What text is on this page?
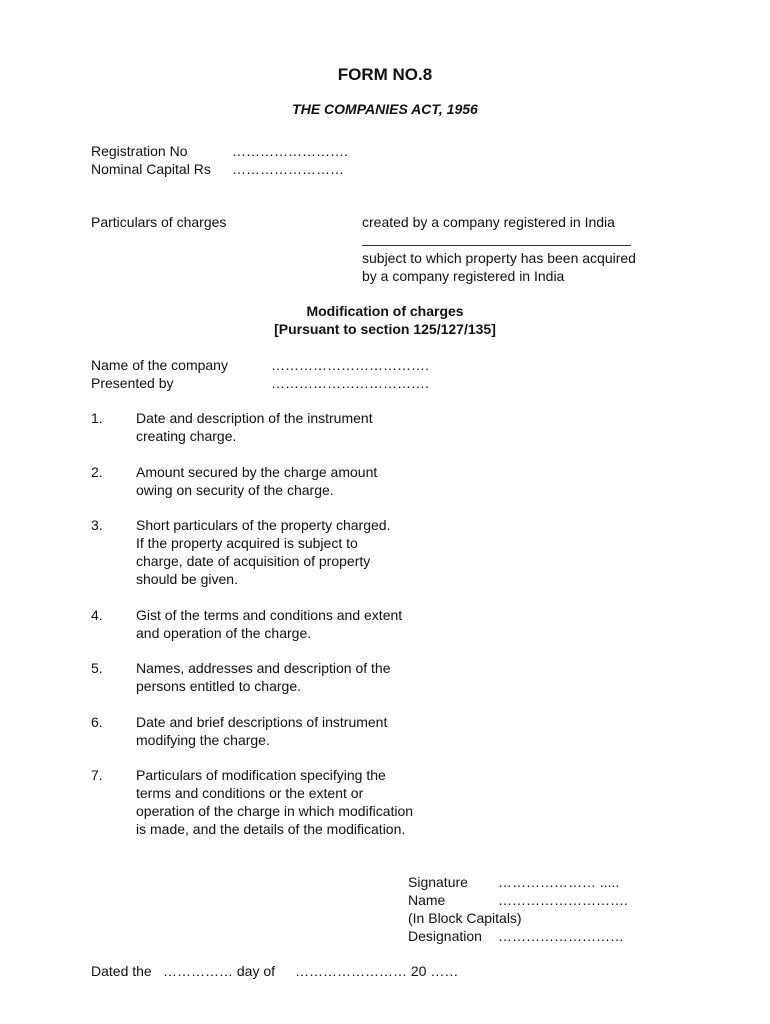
FORM NO.8
THE COMPANIES ACT, 1956
Registration No	…………………….
Nominal Capital Rs ……………………
Particulars of charges	created by a company registered in India
subject to which property has been acquired
by a company registered in India
Modification of charges
[Pursuant to section 125/127/135]
Name of the company	…………………………….
Presented by	…………………………….
1. Date and description of the instrument
creating charge.
2. Amount secured by the charge amount
owing on security of the charge.
3. Short particulars of the property charged.
If the property acquired is subject to
charge, date of acquisition of property
should be given.
4. Gist of the terms and conditions and extent
and operation of the charge.
5. Names, addresses and description of the
persons entitled to charge.
6. Date and brief descriptions of instrument
modifying the charge.
7. Particulars of modification specifying the
terms and conditions or the extent or
operation of the charge in which modification
is made, and the details of the modification.
Signature ………………… .....
Name	……………………….
(In Block Capitals)
Designation ………………………
Dated the …………… day of …………………… 20 ……
